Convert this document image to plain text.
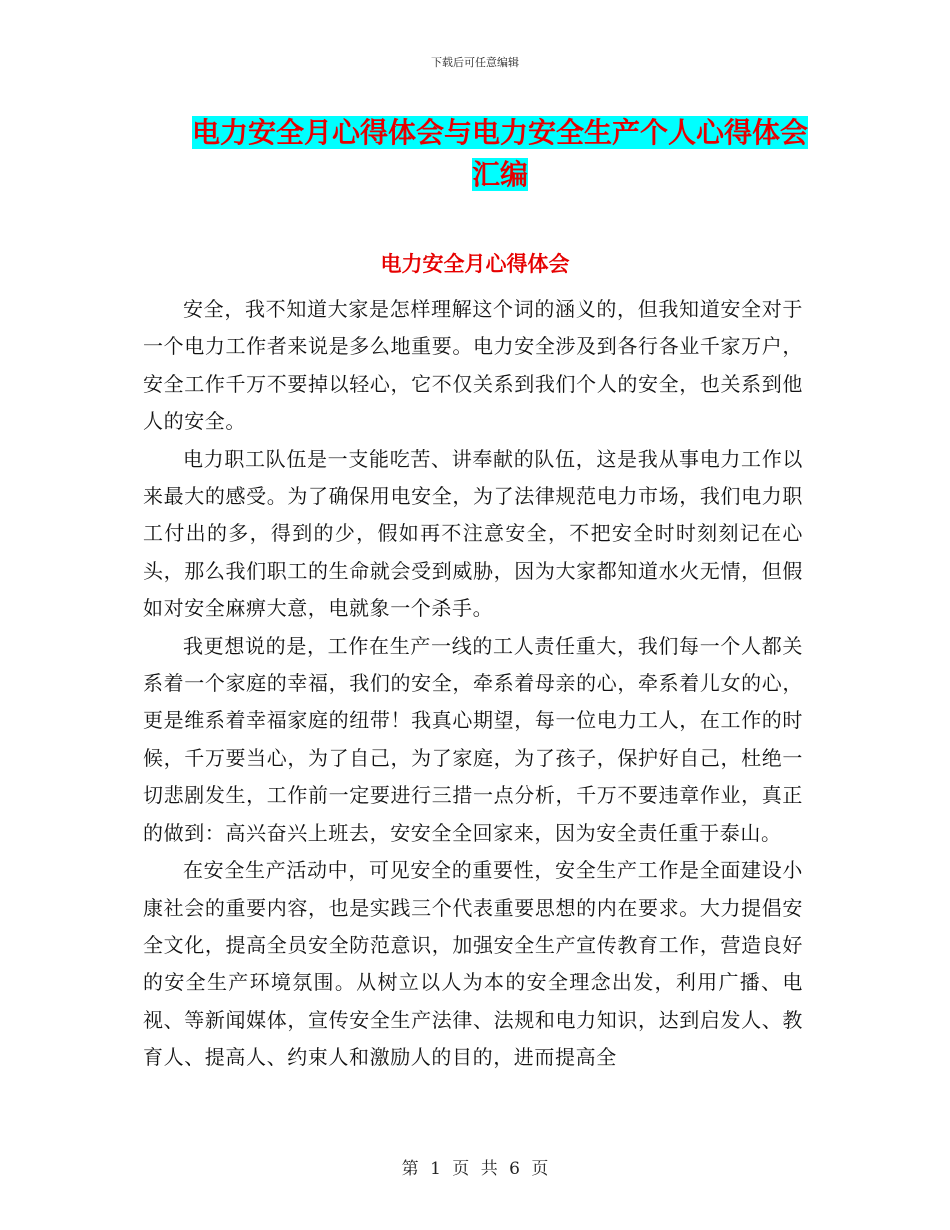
下载后可任意编辑
电力安全月心得体会与电力安全生产个人心得体会汇编
电力安全月心得体会

安全，我不知道大家是怎样理解这个词的涵义的，但我知道安全对于一个电力工作者来说是多么地重要。电力安全涉及到各行各业千家万户，安全工作千万不要掉以轻心，它不仅关系到我们个人的安全，也关系到他人的安全。

电力职工队伍是一支能吃苦、讲奉献的队伍，这是我从事电力工作以来最大的感受。为了确保用电安全，为了法律规范电力市场，我们电力职工付出的多，得到的少，假如再不注意安全，不把安全时时刻刻记在心头，那么我们职工的生命就会受到威胁，因为大家都知道水火无情，但假如对安全麻痹大意，电就象一个杀手。

我更想说的是，工作在生产一线的工人责任重大，我们每一个人都关系着一个家庭的幸福，我们的安全，牵系着母亲的心，牵系着儿女的心，更是维系着幸福家庭的纽带！我真心期望，每一位电力工人，在工作的时候，千万要当心，为了自己，为了家庭，为了孩子，保护好自己，杜绝一切悲剧发生，工作前一定要进行三措一点分析，千万不要违章作业，真正的做到：高兴奋兴上班去，安安全全回家来，因为安全责任重于泰山。

在安全生产活动中，可见安全的重要性，安全生产工作是全面建设小康社会的重要内容，也是实践三个代表重要思想的内在要求。大力提倡安全文化，提高全员安全防范意识，加强安全生产宣传教育工作，营造良好的安全生产环境氛围。从树立以人为本的安全理念出发，利用广播、电视、等新闻媒体，宣传安全生产法律、法规和电力知识，达到启发人、教育人、提高人、约束人和激励人的目的，进而提高全

第 1 页 共 6 页
